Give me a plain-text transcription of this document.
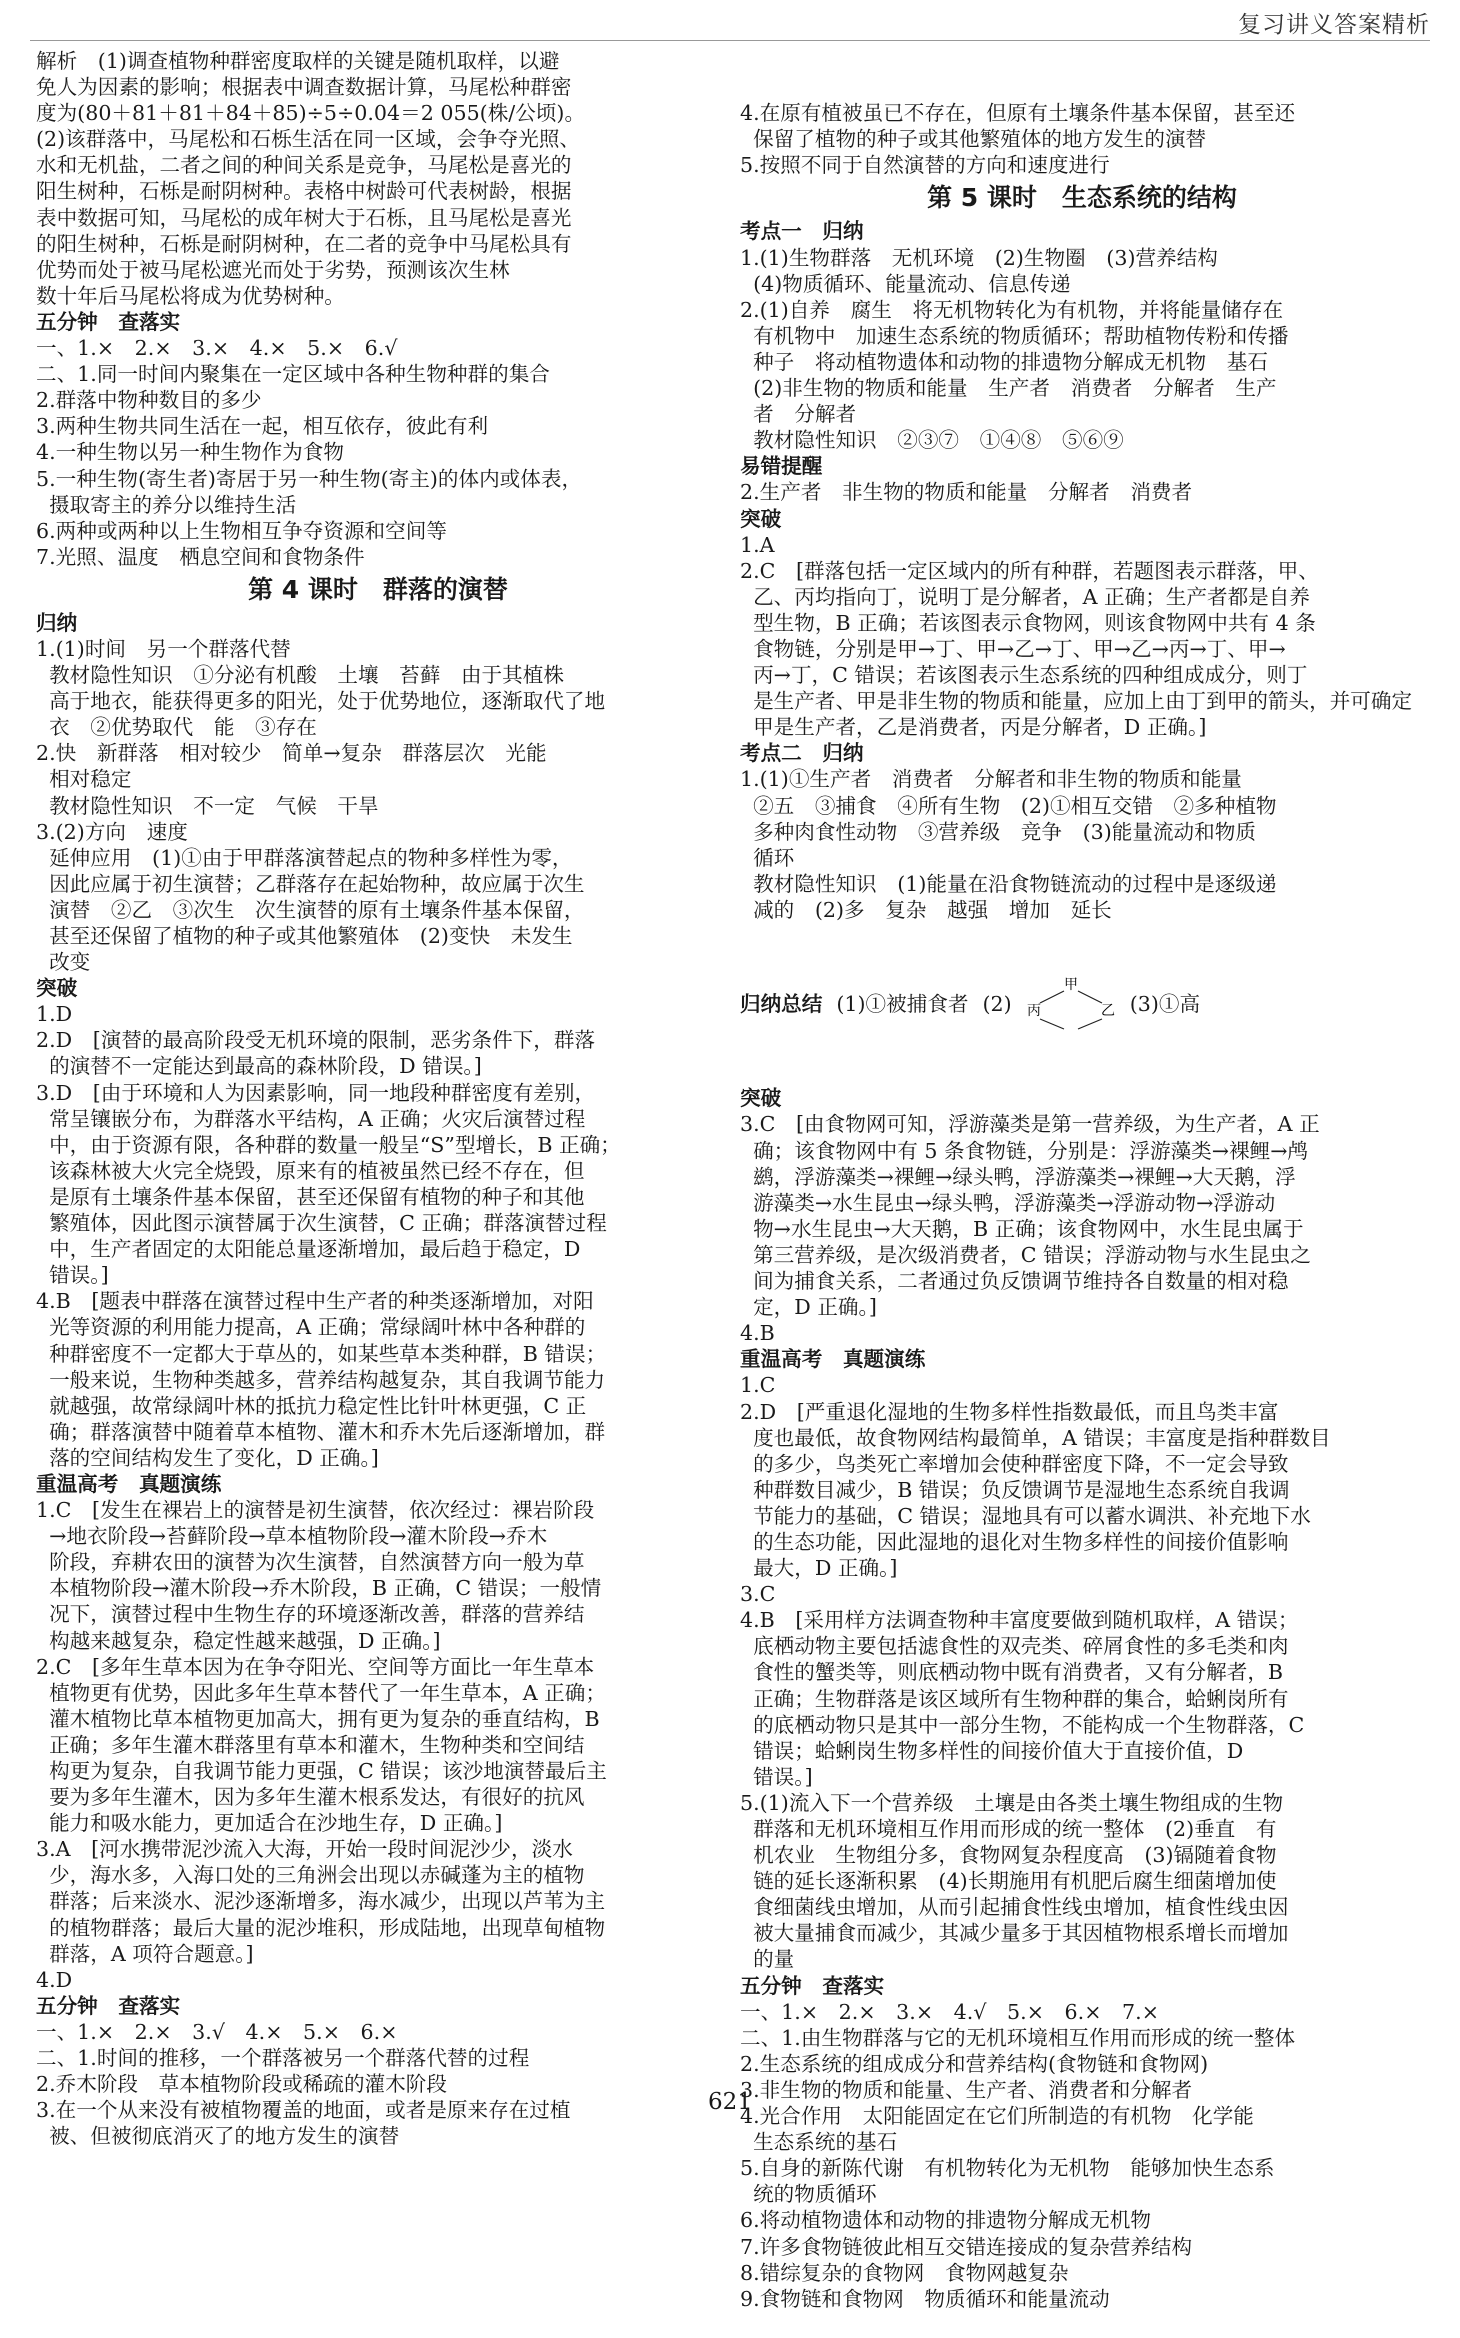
复习讲义答案精析
解析　(1)调查植物种群密度取样的关键是随机取样，以避
免人为因素的影响；根据表中调查数据计算，马尾松种群密
度为(80＋81＋81＋84＋85)÷5÷0.04＝2 055(株/公顷)。
(2)该群落中，马尾松和石栎生活在同一区域，会争夺光照、
水和无机盐，二者之间的种间关系是竞争，马尾松是喜光的
阳生树种，石栎是耐阴树种。表格中树龄可代表树龄，根据
表中数据可知，马尾松的成年树大于石栎，且马尾松是喜光
的阳生树种，石栎是耐阴树种，在二者的竞争中马尾松具有
优势而处于被马尾松遮光而处于劣势，预测该次生林
数十年后马尾松将成为优势树种。
五分钟　查落实
一、1.×　2.×　3.×　4.×　5.×　6.√
二、1.同一时间内聚集在一定区域中各种生物种群的集合
2.群落中物种数目的多少
3.两种生物共同生活在一起，相互依存，彼此有利
4.一种生物以另一种生物作为食物
5.一种生物(寄生者)寄居于另一种生物(寄主)的体内或体表，
摄取寄主的养分以维持生活
6.两种或两种以上生物相互争夺资源和空间等
7.光照、温度　栖息空间和食物条件
第 4 课时　群落的演替
归纳
1.(1)时间　另一个群落代替
教材隐性知识　①分泌有机酸　土壤　苔藓　由于其植株
高于地衣，能获得更多的阳光，处于优势地位，逐渐取代了地
衣　②优势取代　能　③存在
2.快　新群落　相对较少　简单→复杂　群落层次　光能
相对稳定
教材隐性知识　不一定　气候　干旱
3.(2)方向　速度
延伸应用　(1)①由于甲群落演替起点的物种多样性为零，
因此应属于初生演替；乙群落存在起始物种，故应属于次生
演替　②乙　③次生　次生演替的原有土壤条件基本保留，
甚至还保留了植物的种子或其他繁殖体　(2)变快　未发生
改变
突破
1.D
2.D　[演替的最高阶段受无机环境的限制，恶劣条件下，群落
的演替不一定能达到最高的森林阶段，D 错误。]
3.D　[由于环境和人为因素影响，同一地段种群密度有差别，
常呈镶嵌分布，为群落水平结构，A 正确；火灾后演替过程
中，由于资源有限，各种群的数量一般呈“S”型增长，B 正确；
该森林被大火完全烧毁，原来有的植被虽然已经不存在，但
是原有土壤条件基本保留，甚至还保留有植物的种子和其他
繁殖体，因此图示演替属于次生演替，C 正确；群落演替过程
中，生产者固定的太阳能总量逐渐增加，最后趋于稳定，D
错误。]
4.B　[题表中群落在演替过程中生产者的种类逐渐增加，对阳
光等资源的利用能力提高，A 正确；常绿阔叶林中各种群的
种群密度不一定都大于草丛的，如某些草本类种群，B 错误；
一般来说，生物种类越多，营养结构越复杂，其自我调节能力
就越强，故常绿阔叶林的抵抗力稳定性比针叶林更强，C 正
确；群落演替中随着草本植物、灌木和乔木先后逐渐增加，群
落的空间结构发生了变化，D 正确。]
重温高考　真题演练
1.C　[发生在裸岩上的演替是初生演替，依次经过：裸岩阶段
→地衣阶段→苔藓阶段→草本植物阶段→灌木阶段→乔木
阶段，弃耕农田的演替为次生演替，自然演替方向一般为草
本植物阶段→灌木阶段→乔木阶段，B 正确，C 错误；一般情
况下，演替过程中生物生存的环境逐渐改善，群落的营养结
构越来越复杂，稳定性越来越强，D 正确。]
2.C　[多年生草本因为在争夺阳光、空间等方面比一年生草本
植物更有优势，因此多年生草本替代了一年生草本，A 正确；
灌木植物比草本植物更加高大，拥有更为复杂的垂直结构，B
正确；多年生灌木群落里有草本和灌木，生物种类和空间结
构更为复杂，自我调节能力更强，C 错误；该沙地演替最后主
要为多年生灌木，因为多年生灌木根系发达，有很好的抗风
能力和吸水能力，更加适合在沙地生存，D 正确。]
3.A　[河水携带泥沙流入大海，开始一段时间泥沙少，淡水
少，海水多，入海口处的三角洲会出现以赤碱蓬为主的植物
群落；后来淡水、泥沙逐渐增多，海水减少，出现以芦苇为主
的植物群落；最后大量的泥沙堆积，形成陆地，出现草甸植物
群落，A 项符合题意。]
4.D
五分钟　查落实
一、1.×　2.×　3.√　4.×　5.×　6.×
二、1.时间的推移，一个群落被另一个群落代替的过程
2.乔木阶段　草本植物阶段或稀疏的灌木阶段
3.在一个从来没有被植物覆盖的地面，或者是原来存在过植
被、但被彻底消灭了的地方发生的演替

4.在原有植被虽已不存在，但原有土壤条件基本保留，甚至还
保留了植物的种子或其他繁殖体的地方发生的演替
5.按照不同于自然演替的方向和速度进行
第 5 课时　生态系统的结构
考点一　归纳
1.(1)生物群落　无机环境　(2)生物圈　(3)营养结构
(4)物质循环、能量流动、信息传递
2.(1)自养　腐生　将无机物转化为有机物，并将能量储存在
有机物中　加速生态系统的物质循环；帮助植物传粉和传播
种子　将动植物遗体和动物的排遗物分解成无机物　基石
(2)非生物的物质和能量　生产者　消费者　分解者　生产
者　分解者
教材隐性知识　②③⑦　①④⑧　⑤⑥⑨
易错提醒
2.生产者　非生物的物质和能量　分解者　消费者
突破
1.A
2.C　[群落包括一定区域内的所有种群，若题图表示群落，甲、
乙、丙均指向丁，说明丁是分解者，A 正确；生产者都是自养
型生物，B 正确；若该图表示食物网，则该食物网中共有 4 条
食物链，分别是甲→丁、甲→乙→丁、甲→乙→丙→丁、甲→
丙→丁，C 错误；若该图表示生态系统的四种组成成分，则丁
是生产者、甲是非生物的物质和能量，应加上由丁到甲的箭头，并可确定
甲是生产者，乙是消费者，丙是分解者，D 正确。]
考点二　归纳
1.(1)①生产者　消费者　分解者和非生物的物质和能量
②五　③捕食　④所有生物　(2)①相互交错　②多种植物
多种肉食性动物　③营养级　竞争　(3)能量流动和物质
循环
教材隐性知识　(1)能量在沿食物链流动的过程中是逐级递
减的　(2)多　复杂　越强　增加　延长

归纳总结 (1)①被捕食者 (2)
甲
丙	乙 (3)①高

突破
3.C　[由食物网可知，浮游藻类是第一营养级，为生产者，A 正
确；该食物网中有 5 条食物链，分别是：浮游藻类→裸鲤→鸬
鹚，浮游藻类→裸鲤→绿头鸭，浮游藻类→裸鲤→大天鹅，浮
游藻类→水生昆虫→绿头鸭，浮游藻类→浮游动物→浮游动
物→水生昆虫→大天鹅，B 正确；该食物网中，水生昆虫属于
第三营养级，是次级消费者，C 错误；浮游动物与水生昆虫之
间为捕食关系，二者通过负反馈调节维持各自数量的相对稳
定，D 正确。]
4.B
重温高考　真题演练
1.C
2.D　[严重退化湿地的生物多样性指数最低，而且鸟类丰富
度也最低，故食物网结构最简单，A 错误；丰富度是指种群数目
的多少，鸟类死亡率增加会使种群密度下降，不一定会导致
种群数目减少，B 错误；负反馈调节是湿地生态系统自我调
节能力的基础，C 错误；湿地具有可以蓄水调洪、补充地下水
的生态功能，因此湿地的退化对生物多样性的间接价值影响
最大，D 正确。]
3.C
4.B　[采用样方法调查物种丰富度要做到随机取样，A 错误；
底栖动物主要包括滤食性的双壳类、碎屑食性的多毛类和肉
食性的蟹类等，则底栖动物中既有消费者，又有分解者，B
正确；生物群落是该区域所有生物种群的集合，蛤蜊岗所有
的底栖动物只是其中一部分生物，不能构成一个生物群落，C
错误；蛤蜊岗生物多样性的间接价值大于直接价值，D
错误。]
5.(1)流入下一个营养级　土壤是由各类土壤生物组成的生物
群落和无机环境相互作用而形成的统一整体　(2)垂直　有
机农业　生物组分多，食物网复杂程度高　(3)镉随着食物
链的延长逐渐积累　(4)长期施用有机肥后腐生细菌增加使
食细菌线虫增加，从而引起捕食性线虫增加，植食性线虫因
被大量捕食而减少，其减少量多于其因植物根系增长而增加
的量
五分钟　查落实
一、1.×　2.×　3.×　4.√　5.×　6.×　7.×
二、1.由生物群落与它的无机环境相互作用而形成的统一整体
2.生态系统的组成成分和营养结构(食物链和食物网)
3.非生物的物质和能量、生产者、消费者和分解者
4.光合作用　太阳能固定在它们所制造的有机物　化学能
生态系统的基石
5.自身的新陈代谢　有机物转化为无机物　能够加快生态系
统的物质循环
6.将动植物遗体和动物的排遗物分解成无机物
7.许多食物链彼此相互交错连接成的复杂营养结构
8.错综复杂的食物网　食物网越复杂
9.食物链和食物网　物质循环和能量流动

621
